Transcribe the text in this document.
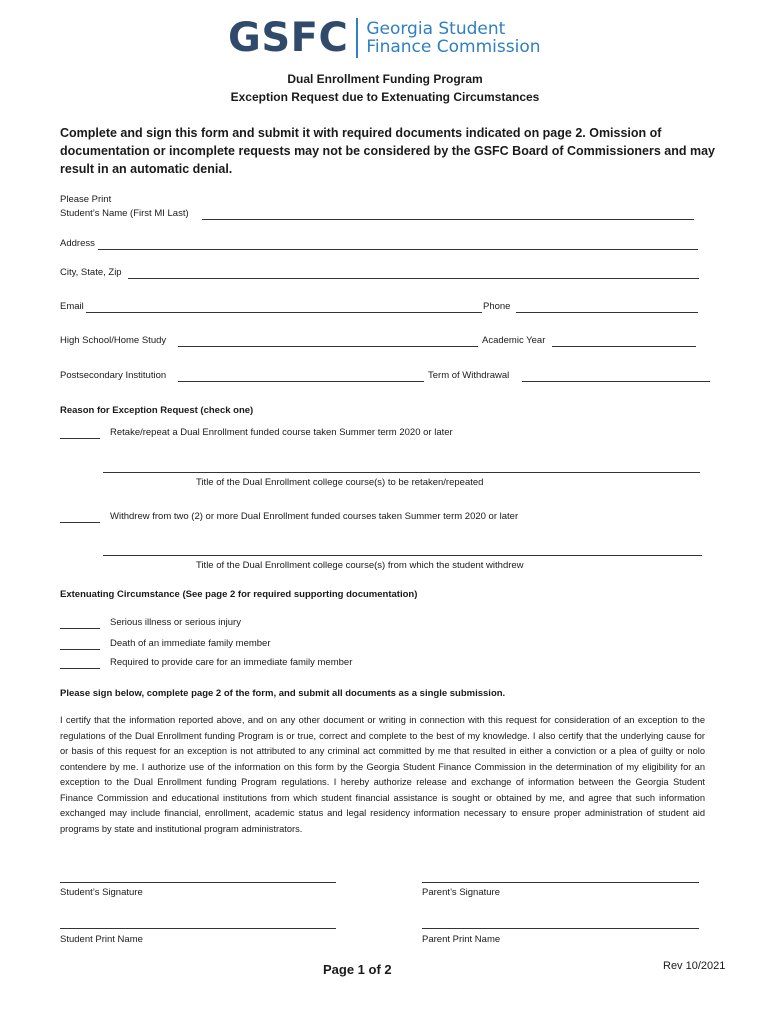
GSFC Georgia Student
Finance Commission
Dual Enrollment Funding Program
Exception Request due to Extenuating Circumstances
Complete and sign this form and submit it with required documents indicated on page 2. Omission of documentation or incomplete requests may not be considered by the GSFC Board of Commissioners and may result in an automatic denial.
Please Print
Student’s Name (First MI Last)
Address
City, State, Zip
Email	Phone
High School/Home Study	Academic Year
Postsecondary Institution	Term of Withdrawal
Reason for Exception Request (check one)
Retake/repeat a Dual Enrollment funded course taken Summer term 2020 or later
Title of the Dual Enrollment college course(s) to be retaken/repeated
Withdrew from two (2) or more Dual Enrollment funded courses taken Summer term 2020 or later
Title of the Dual Enrollment college course(s) from which the student withdrew
Extenuating Circumstance (See page 2 for required supporting documentation)
Serious illness or serious injury
Death of an immediate family member
Required to provide care for an immediate family member
Please sign below, complete page 2 of the form, and submit all documents as a single submission.
I certify that the information reported above, and on any other document or writing in connection with this request for consideration of an exception to the regulations of the Dual Enrollment funding Program is or true, correct and complete to the best of my knowledge. I also certify that the underlying cause for or basis of this request for an exception is not attributed to any criminal act committed by me that resulted in either a conviction or a plea of guilty or nolo contendere by me. I authorize use of the information on this form by the Georgia Student Finance Commission in the determination of my eligibility for an exception to the Dual Enrollment funding Program regulations. I hereby authorize release and exchange of information between the Georgia Student Finance Commission and educational institutions from which student financial assistance is sought or obtained by me, and agree that such information exchanged may include financial, enrollment, academic status and legal residency information necessary to ensure proper administration of student aid programs by state and institutional program administrators.
Student’s Signature	Parent’s Signature
Student Print Name	Parent Print Name
Page 1 of 2	Rev 10/2021
